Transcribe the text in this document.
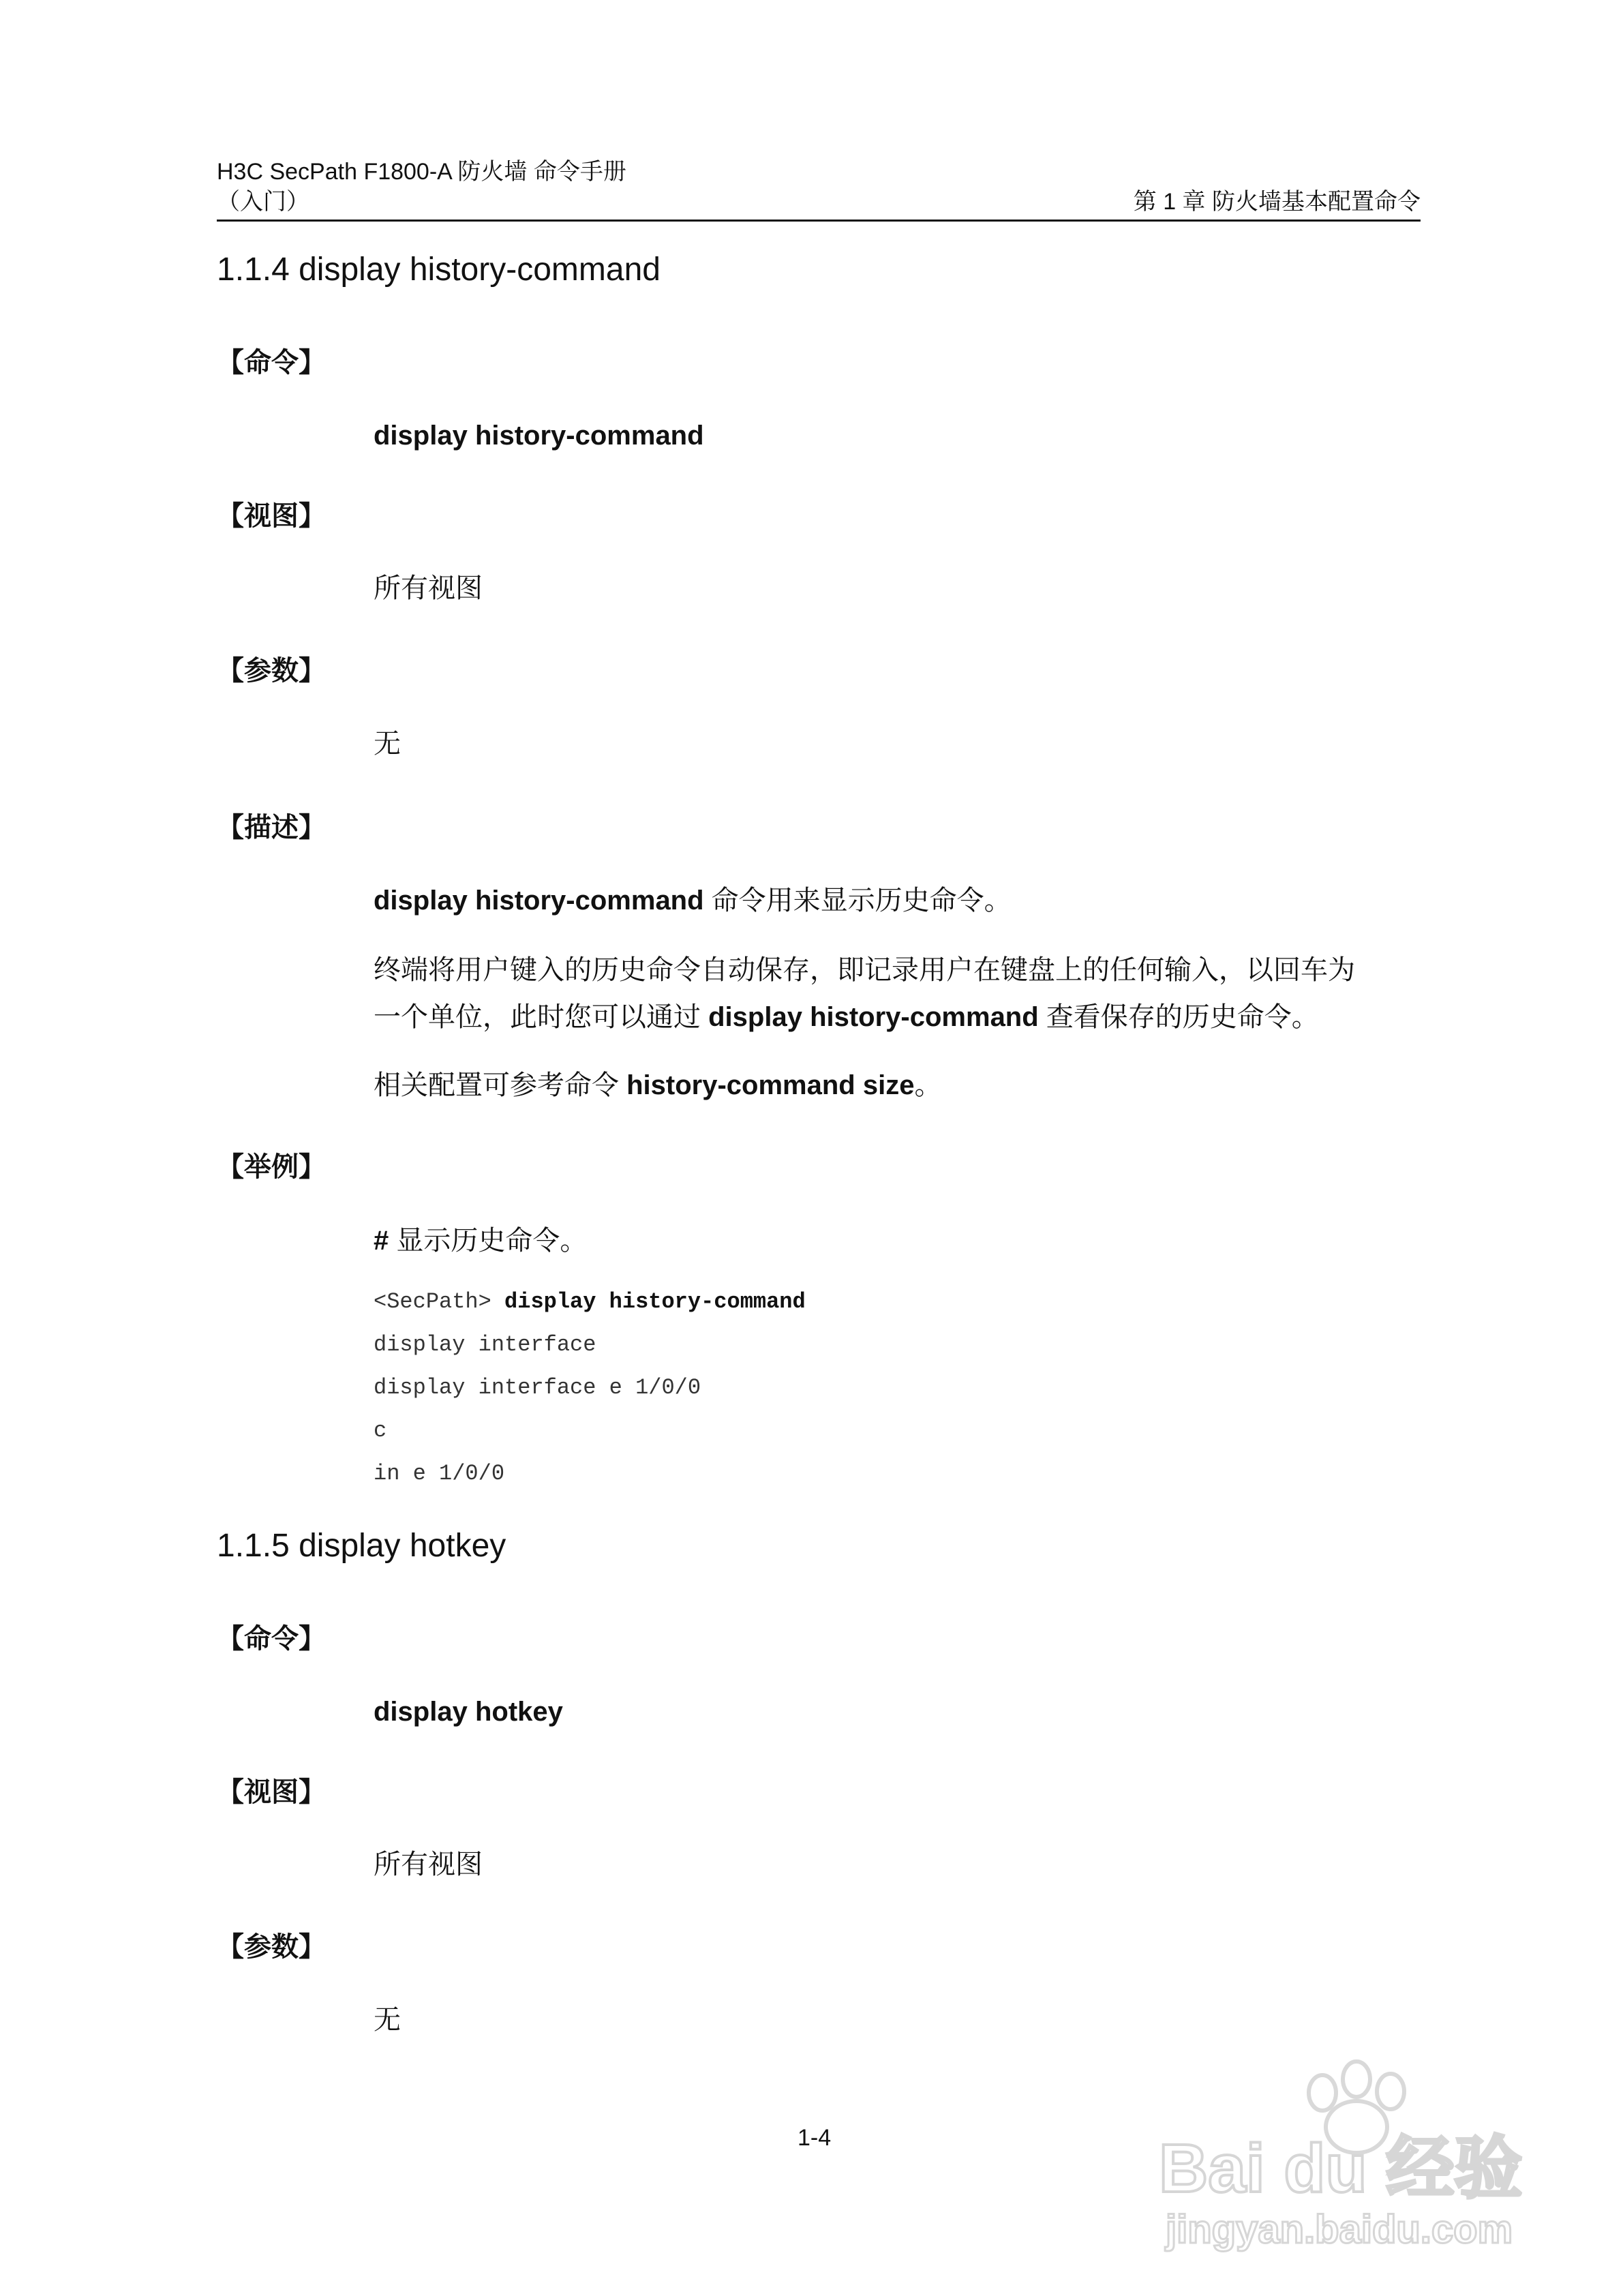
H3C SecPath F1800-A 防火墙 命令手册
（入门）	第 1 章 防火墙基本配置命令
1.1.4 display history-command
【命令】
display history-command
【视图】
所有视图
【参数】
无
【描述】
display history-command 命令用来显示历史命令。
终端将用户键入的历史命令自动保存，即记录用户在键盘上的任何输入，以回车为
一个单位，此时您可以通过 display history-command 查看保存的历史命令。
相关配置可参考命令 history-command size。
【举例】
# 显示历史命令。
<SecPath> display history-command
display interface
display interface e 1/0/0
c
in e 1/0/0
1.1.5 display hotkey
【命令】
display hotkey
【视图】
所有视图
【参数】
无
1-4	Bai du 经验
jingyan.baidu.com
